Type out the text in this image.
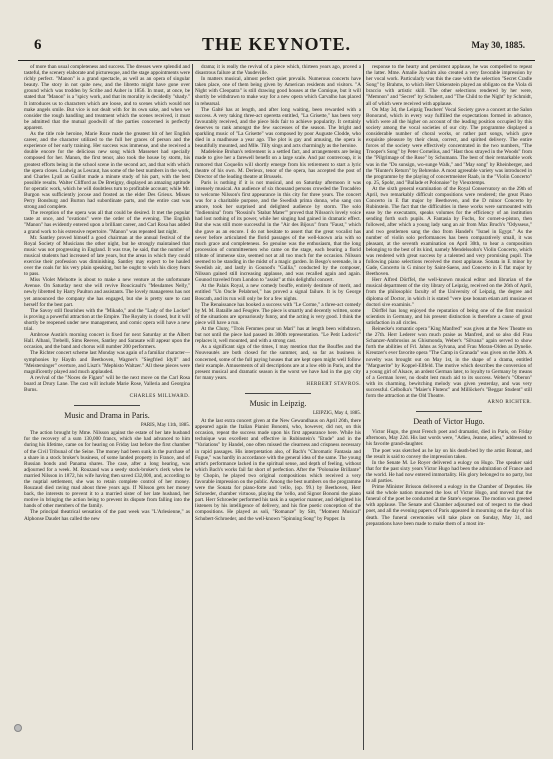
6	THE KEYNOTE.	May 30, 1885.

of more than usual completeness and success. The dresses were splendid and tasteful, the scenery elaborate and picturesque, and the stage appointments were richly perfect. "Manon" is a grand spectacle, as well as an opera of singular beauty. The story in not quite new, and the libretto might have gone over ground which was trodden by Scribe and Auber in 1856. In must, at once, be stated that "Manon" is a "spicy work, and that its morality is decidedly "shady." It introduces us to characters which are loose, and to scenes which would not make angels smile. But vice is not dealt with for its own sake, and when we consider the rough handling and treatment which the scenes received, it must be admitted that the mutual goodwill of the parties concerned is perfectly apparent.

As the title role heroine, Marie Roze made the greatest hit of her English career, and the character utilized to the full her graces of person and the experience of her early training. Her success was immense, and she received a double encore for the delicious new song which Massenet had specially composed for her. Manon, the first tenor, also took the house by storm, his greatest efforts being in the school scene in the second act, and that with which the opera closes. Ludwig as Lescaut, has some of the best numbers in the work, and Charles Lyall as Guillot made a minute study of his part, with the best possible results. Walter Clifford as De Bretigny, displayed an amazing aptitude for operatic work, which he will doubtless turn to profitable account; while Mr. Burgon was sufficiently jocose and frosted as the elder Des Grieux. Misses Perry Bonsburg and Burton had subordinate parts, and the entire cast was strong and complete.

The reception of the opera was all that could be desired. It met the popular taste at once, and "ovations" were the order of the evening. The English "Manon" has evidently entered upon a brilliant career, and Carl Rosa has added a grand work to his extensive repertoire. "Manon" was repeated last night.

Mr. Santley proved himself a good chairman at the annual festival of the Royal Society of Musicians the other night, but he strongly maintained that music was not progressing in England. It was true, he said, that the number of musical students had increased of late years, but the areas in which they could exercise their profession was diminishing. Santley may expect to be hauled over the coals for his very plain speaking, but he ought to wish his dicey fears to pass.

Miss Violet Melnotte is about to make a new venture at the unfortunate Avenue. On Saturday next she will revive Boucicault's "Mesdames Nelly," newly libretted by Harry Paulton and assistants. The lovely manageress has not yet announced the company she has engaged, but she is pretty sure to cast herself for the best part.

The Savoy still flourishes with the "Mikado," and the "Lady of the Locket" is proving a powerful attraction at the Empire. The Royalty is closed, but it will shortly be reopened under new management, and comic opera will have a new trial.

Ambrose Austin's morning concert is fixed for next Saturday at the Albert Hall. Albani, Trebelli, Sims Reeves, Santley and Sarasate will appear upon the occasion, and the band and chorus will number 200 performers.

The Richter concert scheme last Monday was again of a familiar character—symphonies by Haydn and Beethoven, Wagner's "Siegfried Idyll" and "Meistersinger" overture, and Liszt's "Mephisto Waltzer." All these pieces were magnificently played and much applauded.

A revival of the "Noces de Figaro" will be the next move on the Carl Rosa board at Drury Lane. The cast will include Marie Rose, Valleria and Georgina Burns.

CHARLES MILLWARD.

Music and Drama in Paris.

PARIS, May 11th, 1885.

The action brought by Mme. Nilsson against the estate of her late husband for the recovery of a sum 130,000 francs, which she had advanced to him during his lifetime, came on for hearing on Friday last before the first chamber of the Civil Tribunal of the Seine. The money had been sunk in the purchase of a share in a stock broker's business, of some landed property in France, and of Russian bonds and Panama shares. The case, after a long hearing, was adjourned for a week. M. Rouzaud was a seedy stock-broker's clerk when he married Nilsson in 1872, his wife having then saved £32,000, and, according to the nuptial settlement, she was to retain complete control of her money. Rouzaud died raving mad about three years ago. If Nilsson gets her money back, the interests to prevent it to a married sister of her late husband, her motive in bringing the action being to prevent its dispute from falling into the hands of other members of the family.

The principal theatrical sensation of the past week was "L'Arlesienne," as Alphonse Daudet has called the new

drama; it is really the revival of a piece which, thirteen years ago, proved a disastrous failure at the Vaudeville.

In matters musical, almost perfect quiet prevails. Numerous concerts have taken place, one of them being given by American residents and visitors. "A Night with Cleopatra" is still drawing good houses at the Comique, but it will shortly be withdrawn to make way for a new opera which Carvalho has placed in rehearsal.

The Galté has at length, and after long waiting, been rewarded with a success. A very taking three-act operetta entitled, "La Grisette," has been very favourably received, and the piece bids fair to achieve popularity. It certainly deserves to rank amongst the few successes of the season. The bright and sparkling music of "La Grisette" was composed by poor Auguste Clodde, who died in a madhouse a year ago. The plot is gay and amusing, the opera is beautifully mounted, and Mlle. Tilly sings and acts charmingly as the heroine.

Madeleine Brohan's retirement is a settled fact, and arrangements are being made to give her a farewell benefit on a large scale. And par contrecoup, it is rumored that Coquelin will shortly emerge from his retirement to start a lyric theatre of his own. M. Derieux, tenor of the opera, has accepted the post of Director of the leading theatre at Brussels.

Paris is nothing if it is not musical, and on Saturday afternoon it was intensely musical. An audience of six thousand persons crowded the Trocadéro to welcome Nilsson's first appearance in this city for three years. The concert was for a charitable purpose, and the Swedish prima donna, who sang con amore, took her surprised and delighted audience by storm. The solo "Indiennina" from "Rossini's 'Stabat Mater'" proved that Nilsson's lovely voice had lost nothing of its power, while her singing had gained in dramatic effect. But she was still more successful in the "Air des Bijoux" from "Faust," which she gave as an encore. I do not hesitate to assert that the great vocalist has never before articulated the florid passages of the well-known aria with so much grace and completeness. So genuine was the enthusiasm, that the long procession of committeemen who came on the stage, each bearing a florid tribute of immense size, seemed not at all too much for the occasion. Nilsson seemed to be standing in the midst of a magic garden. In Besgo's serenade, in a Swedish air, and lastly in Gounod's "Gallia," conducted by the composer, Nilsson gained still increasing applause, and was recalled again and again. Gounod traveled from London to "assist" at this delightful concert.

At the Palais Royal, a new comedy bouffe, entirely destitute of merit, and entitled "Un Oncle Pelabruel," has proved a signal failure. It is by George Boscath, and its run will only be for a few nights.

The Renaissance has booked a success with "Le Corme," a three-act comedy by M. M. Bataille and Feugère. The piece is smartly and decently written, some of the situations are uproariously funny, and the acting is very good. I think the piece will have a run.

At the Cluny, "Trois Femmes pour un Mari" has at length been withdrawn, but not until the piece had passed its 300th representation. "Le Petit Ludovic" replaces it, well mounted, and with a strong cast.

As a significant sign of the times, I may mention that the Bouffes and the Nouveautés are both closed for the summer, and, so far as business is concerned, some of the full paying houses that are kept open might well follow their example. Amusements of all descriptions are at a low ebb in Paris, and the present musical and dramatic season is the worst we have had in the gay city for many years.

HERBERT STAVROS.

Music in Leipzig.

LEIPZIG, May 4, 1885.

At the last extra concert given at the New Gewandhaus on April 26th, there appeared again the Italian Pianist Bonomi, who, however, did not, on this occasion, repeat the success made upon his first appearance here. While his technique was excellent and effective in Rubinstein's "Etude" and in the "Variations" by Handel, one often missed the clearness and crispness necessary in rapid passages. His interpretation also, of Bach's "Chromatic Fantasia and Fugue," was hardly in accordance with the general idea of the same. The young artist's performance lacked in the spiritual sense, and depth of feeling, without which Bach's works fail far short of perfection. After the "Polonaise Brillante" by Chopin, he played two original compositions which received a very favorable impression on the public. Among the best numbers on the programme were the Sonata for piano-forte and 'cello, (op. 99.) by Beethoven, Herr Schroeder, chamber virtuoso, playing the 'cello, and Signor Bonomi the piano part. Herr Schroeder performed his task in a superior manner, and delighted his listeners by his intelligence of delivery, and his fine poetic conception of the compositions. He played as soli, "Romanze" by Sitt, "Moment Musical" Schubert-Schroeder, and the well-known "Spinning Song" by Popper. In

response to the hearty and persistent applause, he was compelled to repeat the latter. Mme. Amalie Joachim also created a very favorable impression by her vocal work. Particularly was this the case with the selection "Secret Cradle Song" by Brahms, to which Herr Unkenstein played an obligato on the Viola di braccio with artistic skill. The other selections rendered by her were, "Memnon" and "Secret" by Schubert, and "The Child to the Night" by Schmidt, all of which were received with applause.

On May 3d, the Leipzig Teachers' Vocal Society gave a concert at the Salon Bonorand, which in every way fulfilled the expectations formed in advance, which were all the higher on account of the leading position occupied by this society among the vocal societies of our city. The programme displayed a considerable number of choral works, or rather part songs, which gave exquisite pleasure by their clean, correct, and spirited delivery. The entire forces of the society were effectively concentrated in the two numbers, "The Trooper's Song" by Peter Cornelius, and "Hast thou strayed in the Woods" from the "Pilgrimage of the Rose" by Schumann. The best of their remarkable work was in the "Do sunsign, wo-sunge Walk," and "May song" by Rheinberger, and the "Hunter's Return" by Behrenke. A most agreeable variety was introduced in the programme by the playing of concertmeister Raab, in the "Violin Concerto" op. 25, Spohr, and "Ballade et Polonaise" by Vieuxtemps.

At the sixth general examination of the Royal Conservatory on the 29th of April, two remarkably difficult compositions were rendered; the great Piano Concerto in E flat major by Beethoven, and the D minor Concerto by Rubinstein. The fact that the difficulties in these works were surmounted with ease by the executants, speaks volumes for the efficiency of an institution sending forth such pupils. A Fantasia by Fuchs, for cornet-a-piston, then followed, after which a young lady sang an air from Max Bruch's "Odysseus," and two gentlemen sang the duo from Handel's "Israel in Egypt." As the number of violin solo performances has been comparatively small, it was pleasant, at the seventh examination on April 30th, to hear a composition belonging to the best of its kind, namely Mendelssohn's Violin Concerto, which was rendered with great success by a talented and very promising pupil. The following piano selections received the most applause. Sonata in E minor by Gade, Concerto in G minor by Saint-Saens, and Concerto in E flat major by Beethoven.

Herr Alfred Dörffel, the well-known musical editor and librarian of the musical department of the city library of Leipzig, received on the 26th of April, from the philosophic faculty of the University of Leipzig, the degree and diploma of Doctor, in which it is stated "vere ipse bonam etiam arti musicae et doctori sive examinis."

Dörffel has long enjoyed the reputation of being one of the first musical scientists in Germany, and his present distinction is therefore a cause of great satisfaction in all circles.

Reinecke's romantic opera "King Manfred" was given at the New Theatre on the 27th. Herr Lederer won much praise as Manfred, and so also did Frau Schanzer-Ambrosius as Ghismonda, Weber's "Silvana" again served to show forth the abilities of Frl. Jahns as Sylvana, and Frau Moran-Olden as Dynelie. Kreutzer's ever favorite opera "The Camp in Granada" was given on the 30th. A novelty was brought out on May 1st, in the shape of a drama, entitled "Marguerite" by Koppel-Ellfeld. The motive which describes the conversion of a young girl of Alsace, an ardent German later, to loyalty to Germany by means of a German lover, no doubt lent much aid to its success. Weber's "Oberon" with its charming, bewitching melody was given yesterday, and was very successful. Celbolka's "Maier's Flutenc" and Millöcker's "Beggar Student" still form the attraction at the Old Theatre.

ARNO RICHTER.

Death of Victor Hugo.

Victor Hugo, the great French poet and dramatist, died in Paris, on Friday afternoon, May 22d. His last words were, "Adieu, Jeanne, adieu," addressed to his favorite grand-daughter.

The poet was sketched as he lay on his death-bed by the artist Bonnat, and the result is said to convey the impression taken.

In the Senate M. Le Royer delivered a eulogy on Hugo. The speaker said that for the past sixty years Victor Hugo had been the admiration of France and the world. He had now entered immortality. His glory belonged to no party, but to all parties.

Prime Minister Brisson delivered a eulogy in the Chamber of Deputies. He said the whole nation mourned the loss of Victor Hugo, and moved that the funeral of the poet be conducted at the State's expense. The motion was greeted with applause. The Senate and Chamber adjourned out of respect to the dead poet, and all the evening papers of Paris appeared in mourning on the day of his death. The funeral ceremonies will take place on Sunday, May 31, and preparations have been made to make them of a most im-
